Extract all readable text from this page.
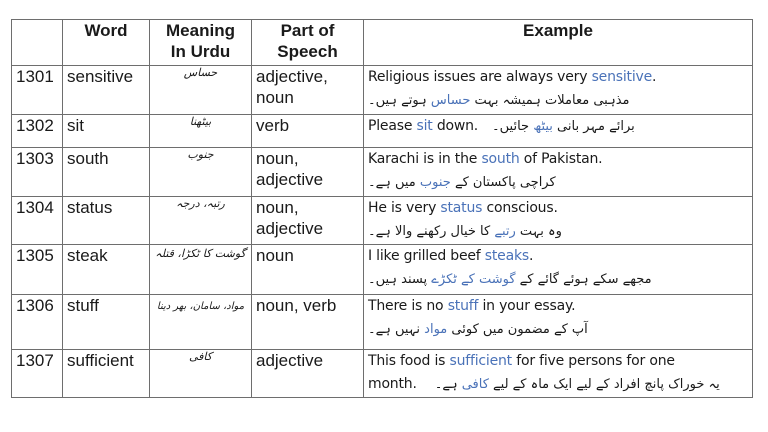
	Word	Meaning
In Urdu	Part of
Speech	Example
1301	sensitive	حساس	adjective,
noun	Religious issues are always very sensitive.
مذہبی معاملات ہمیشہ بہت حساس ہوتے ہیں۔

1302	sit	بیٹھنا	verb	Please sit down. برائے مہر بانی بیٹھ جائیں۔

1303	south	جنوب	noun,
adjective	Karachi is in the south of Pakistan.
کراچی پاکستان کے جنوب میں ہے۔

1304	status	رتبہ، درجہ	noun,
adjective	He is very status conscious.
وہ بہت رتبے کا خیال رکھنے والا ہے۔

1305	steak	گوشت کا ٹکڑا، قتلہ	noun	I like grilled beef steaks.
مجھے سکے ہوئے گائے کے گوشت کے ٹکڑے پسند ہیں۔

1306	stuff	مواد، سامان، بھر دینا	noun, verb	There is no stuff in your essay.
آپ کے مضمون میں کوئی مواد نہیں ہے۔

1307	sufficient	کافی	adjective	This food is sufficient for five persons for one
month. یہ خوراک پانچ افراد کے لیے ایک ماہ کے لیے کافی ہے۔
